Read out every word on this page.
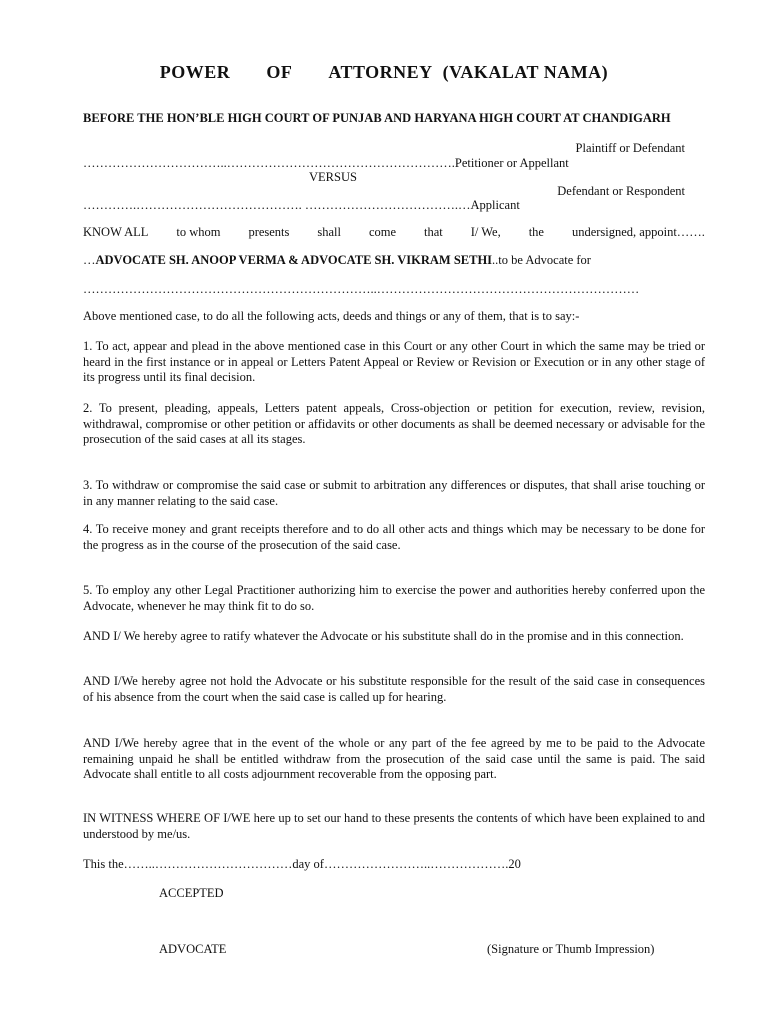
POWER OF ATTORNEY (VAKALAT NAMA)
BEFORE THE HON’BLE HIGH COURT OF PUNJAB AND HARYANA HIGH COURT AT CHANDIGARH
Plaintiff or Defendant
……………………………..……………………………………………….Petitioner or Appellant
VERSUS
Defendant or Respondent
………….…………………………………. ……………………………….…Applicant
KNOW ALL to whom presents shall come that I/ We, the undersigned, appoint…….
…ADVOCATE SH. ANOOP VERMA & ADVOCATE SH. VIKRAM SETHI..to be Advocate for
……………………………………………………………..………………………………………………………
Above mentioned case, to do all the following acts, deeds and things or any of them, that is to say:-
1. To act, appear and plead in the above mentioned case in this Court or any other Court in which the same may be tried or heard in the first instance or in appeal or Letters Patent Appeal or Review or Revision or Execution or in any other stage of its progress until its final decision.
2. To present, pleading, appeals, Letters patent appeals, Cross-objection or petition for execution, review, revision, withdrawal, compromise or other petition or affidavits or other documents as shall be deemed necessary or advisable for the prosecution of the said cases at all its stages.
3. To withdraw or compromise the said case or submit to arbitration any differences or disputes, that shall arise touching or in any manner relating to the said case.
4. To receive money and grant receipts therefore and to do all other acts and things which may be necessary to be done for the progress as in the course of the prosecution of the said case.
5. To employ any other Legal Practitioner authorizing him to exercise the power and authorities hereby conferred upon the Advocate, whenever he may think fit to do so.
AND I/ We hereby agree to ratify whatever the Advocate or his substitute shall do in the promise and in this connection.
AND I/We hereby agree not hold the Advocate or his substitute responsible for the result of the said case in consequences of his absence from the court when the said case is called up for hearing.
AND I/We hereby agree that in the event of the whole or any part of the fee agreed by me to be paid to the Advocate remaining unpaid he shall be entitled withdraw from the prosecution of the said case until the same is paid. The said Advocate shall entitle to all costs adjournment recoverable from the opposing part.
IN WITNESS WHERE OF I/WE here up to set our hand to these presents the contents of which have been explained to and understood by me/us.
This the……..……………………………day of……………………..……………….20
ACCEPTED
ADVOCATE	(Signature or Thumb Impression)
